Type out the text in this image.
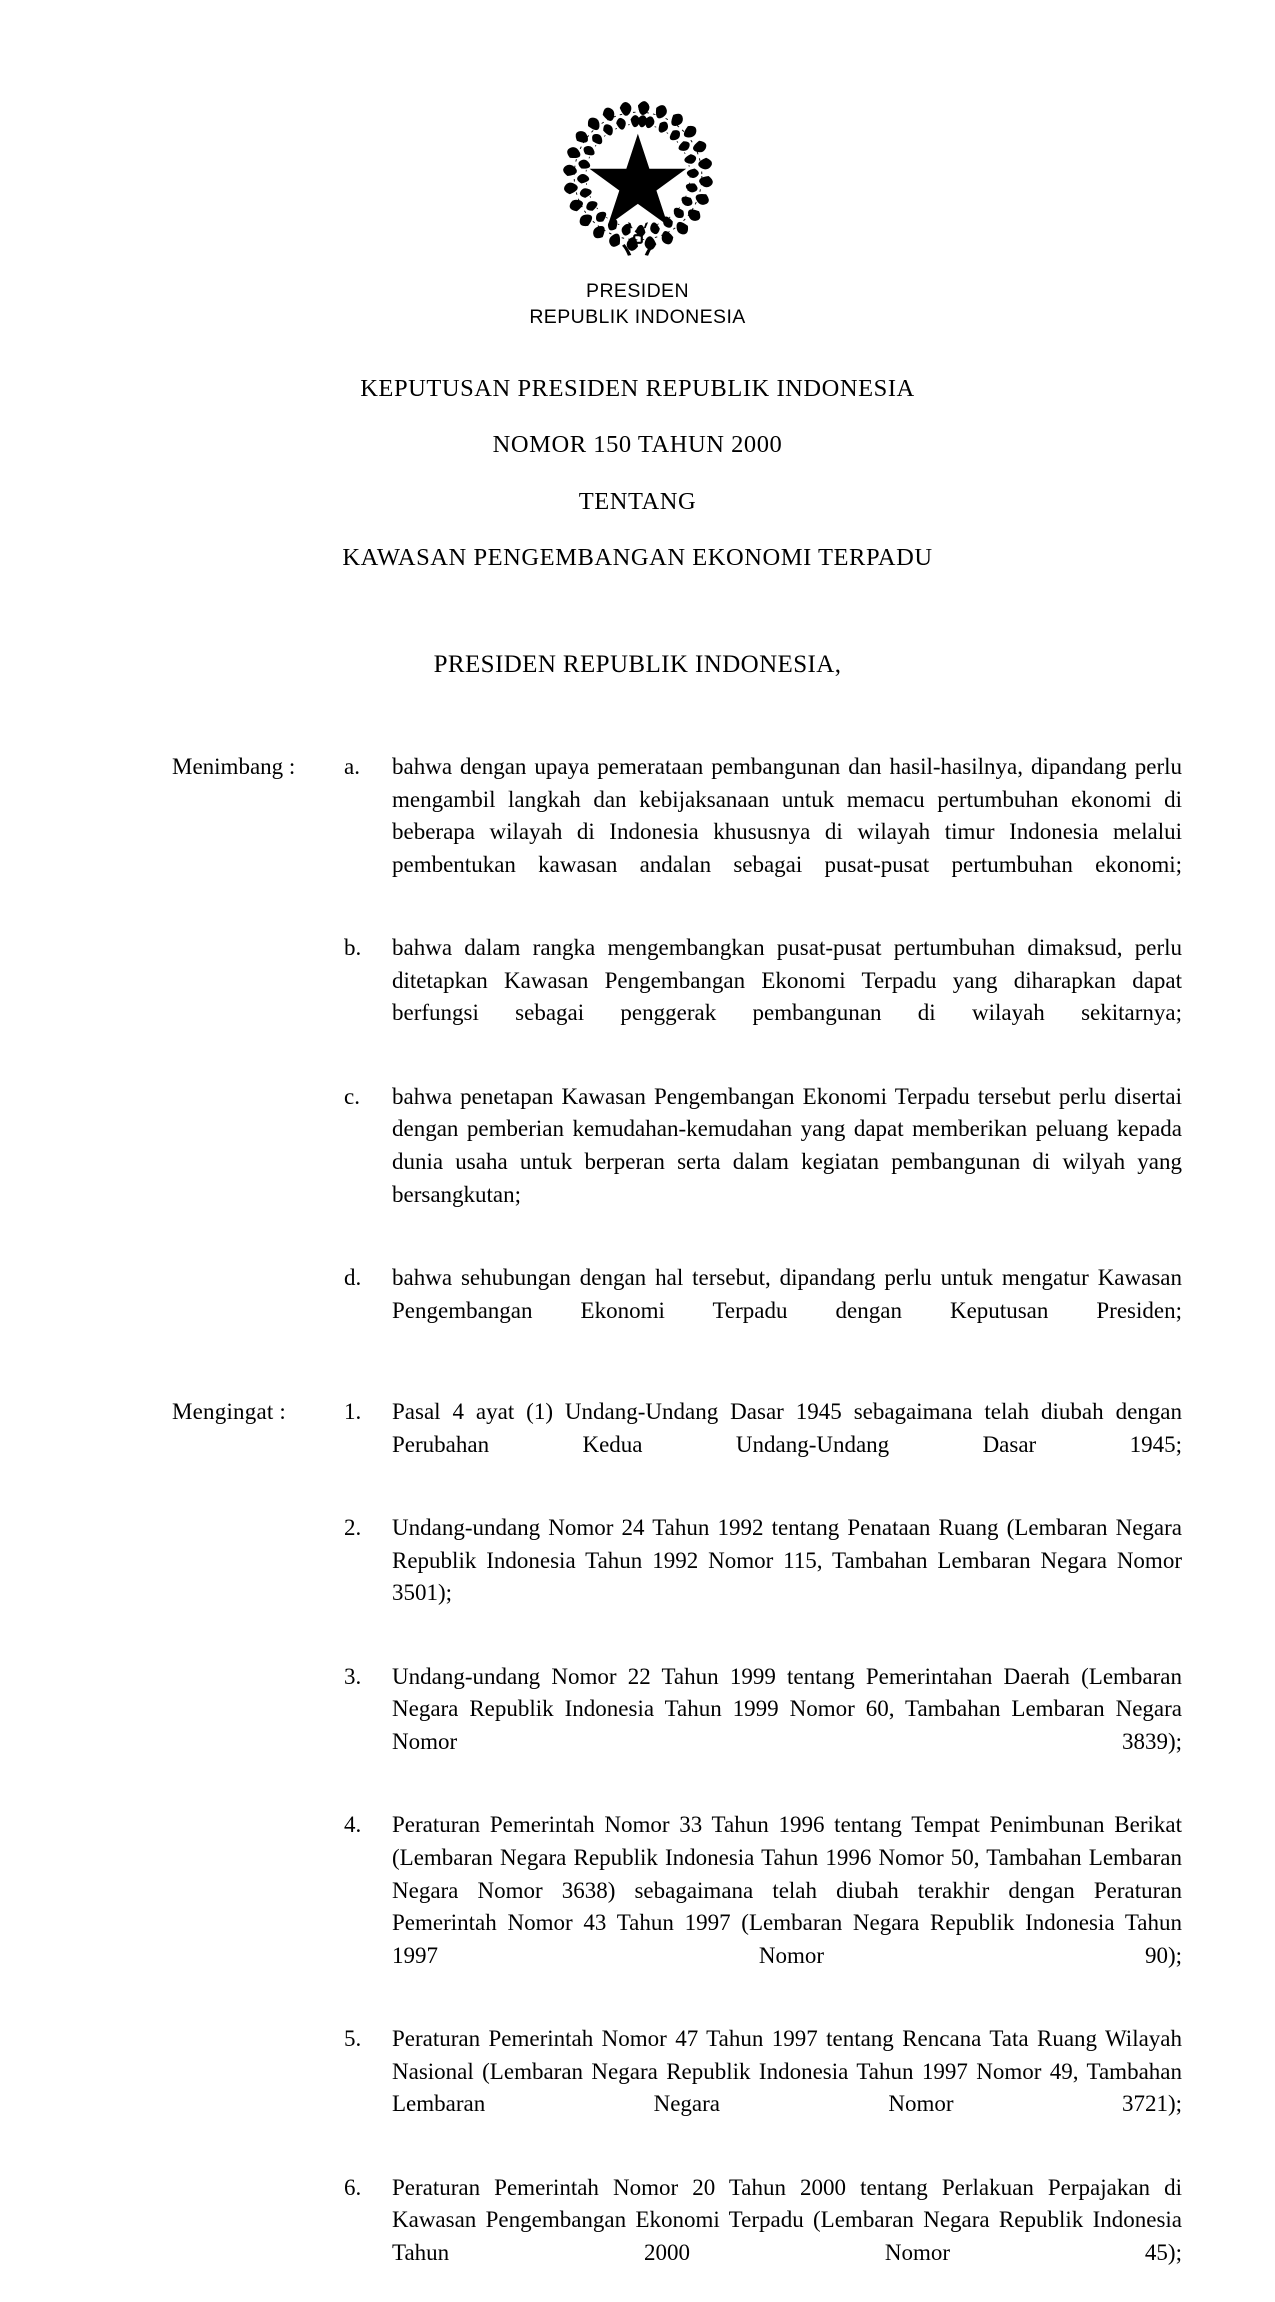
PRESIDEN
REPUBLIK INDONESIA
KEPUTUSAN PRESIDEN REPUBLIK INDONESIA
NOMOR 150 TAHUN 2000
TENTANG
KAWASAN PENGEMBANGAN EKONOMI TERPADU
PRESIDEN REPUBLIK INDONESIA,
Menimbang :	a.	bahwa dengan upaya pemerataan pembangunan dan hasil-hasilnya, dipandang perlu mengambil langkah dan kebijaksanaan untuk memacu pertumbuhan ekonomi di beberapa wilayah di Indonesia khususnya di wilayah timur Indonesia melalui pembentukan kawasan andalan sebagai pusat-pusat pertumbuhan ekonomi;
b.	bahwa dalam rangka mengembangkan pusat-pusat pertumbuhan dimaksud, perlu ditetapkan Kawasan Pengembangan Ekonomi Terpadu yang diharapkan dapat berfungsi sebagai penggerak pembangunan di wilayah sekitarnya;
c.	bahwa penetapan Kawasan Pengembangan Ekonomi Terpadu tersebut perlu disertai dengan pemberian kemudahan-kemudahan yang dapat memberikan peluang kepada dunia usaha untuk berperan serta dalam kegiatan pembangunan di wilyah yang bersangkutan;
d.	bahwa sehubungan dengan hal tersebut, dipandang perlu untuk mengatur Kawasan Pengembangan Ekonomi Terpadu dengan Keputusan Presiden;
Mengingat :	1.	Pasal 4 ayat (1) Undang-Undang Dasar 1945 sebagaimana telah diubah dengan Perubahan Kedua Undang-Undang Dasar 1945;
2.	Undang-undang Nomor 24 Tahun 1992 tentang Penataan Ruang (Lembaran Negara Republik Indonesia Tahun 1992 Nomor 115, Tambahan Lembaran Negara Nomor 3501);
3.	Undang-undang Nomor 22 Tahun 1999 tentang Pemerintahan Daerah (Lembaran Negara Republik Indonesia Tahun 1999 Nomor 60, Tambahan Lembaran Negara Nomor 3839);
4.	Peraturan Pemerintah Nomor 33 Tahun 1996 tentang Tempat Penimbunan Berikat (Lembaran Negara Republik Indonesia Tahun 1996 Nomor 50, Tambahan Lembaran Negara Nomor 3638) sebagaimana telah diubah terakhir dengan Peraturan Pemerintah Nomor 43 Tahun 1997 (Lembaran Negara Republik Indonesia Tahun 1997 Nomor 90);
5.	Peraturan Pemerintah Nomor 47 Tahun 1997 tentang Rencana Tata Ruang Wilayah Nasional (Lembaran Negara Republik Indonesia Tahun 1997 Nomor 49, Tambahan Lembaran Negara Nomor 3721);
6.	Peraturan Pemerintah Nomor 20 Tahun 2000 tentang Perlakuan Perpajakan di Kawasan Pengembangan Ekonomi Terpadu (Lembaran Negara Republik Indonesia Tahun 2000 Nomor 45);
